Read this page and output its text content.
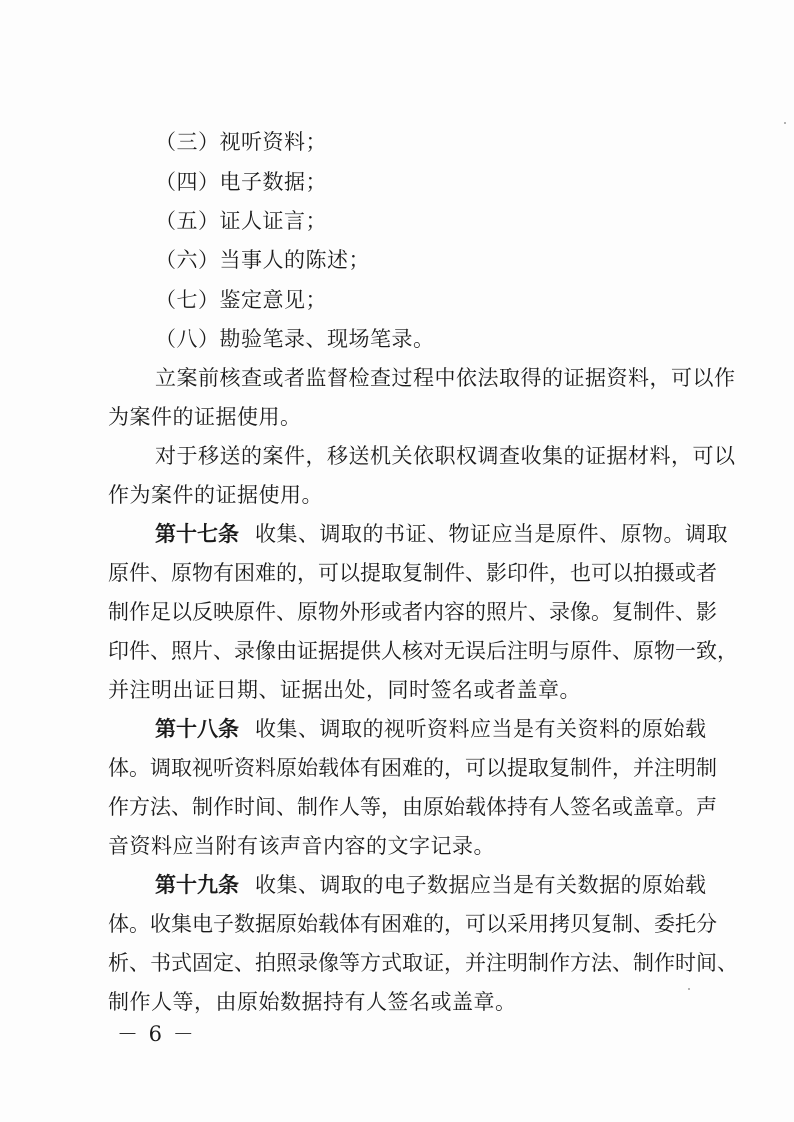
（三）视听资料；
（四）电子数据；
（五）证人证言；
（六）当事人的陈述；
（七）鉴定意见；
（八）勘验笔录、现场笔录。
立案前核查或者监督检查过程中依法取得的证据资料，可以作
为案件的证据使用。
对于移送的案件，移送机关依职权调查收集的证据材料，可以
作为案件的证据使用。
第十七条 收集、调取的书证、物证应当是原件、原物。调取
原件、原物有困难的，可以提取复制件、影印件，也可以拍摄或者
制作足以反映原件、原物外形或者内容的照片、录像。复制件、影
印件、照片、录像由证据提供人核对无误后注明与原件、原物一致，
并注明出证日期、证据出处，同时签名或者盖章。
第十八条 收集、调取的视听资料应当是有关资料的原始载
体。调取视听资料原始载体有困难的，可以提取复制件，并注明制
作方法、制作时间、制作人等，由原始载体持有人签名或盖章。声
音资料应当附有该声音内容的文字记录。
第十九条 收集、调取的电子数据应当是有关数据的原始载
体。收集电子数据原始载体有困难的，可以采用拷贝复制、委托分
析、书式固定、拍照录像等方式取证，并注明制作方法、制作时间、
制作人等，由原始数据持有人签名或盖章。
－ 6 －
